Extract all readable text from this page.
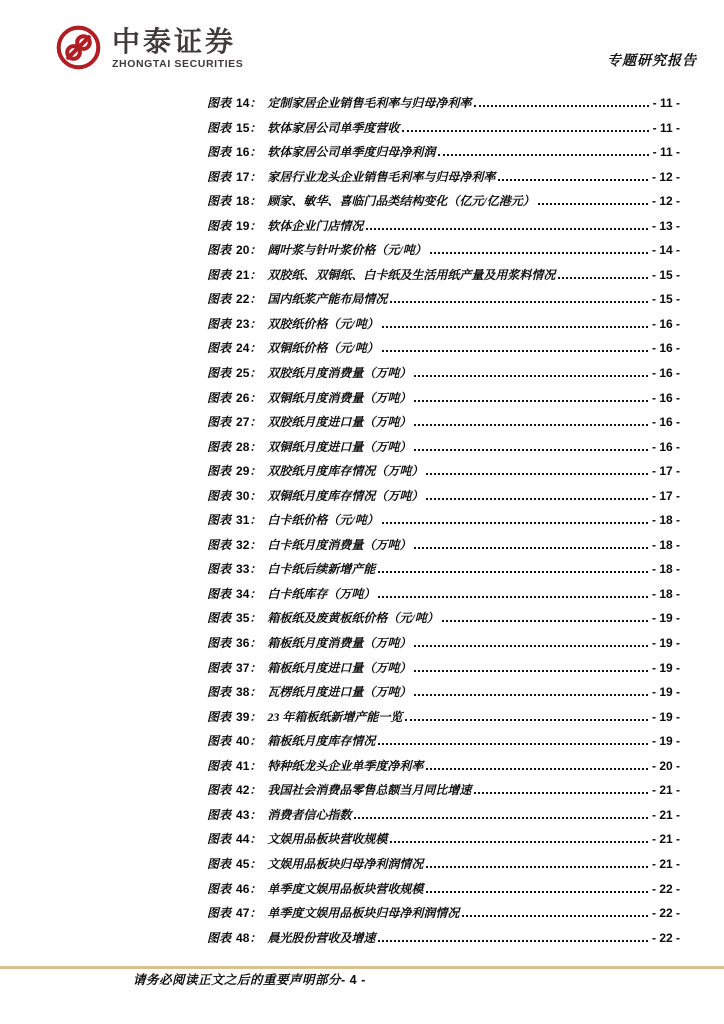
中泰证券
ZHONGTAI SECURITIES	专题研究报告
图表 14 ： 定制家居企业销售毛利率与归母净利率	- 11 -
图表 15 ： 软体家居公司单季度营收	- 11 -
图表 16 ： 软体家居公司单季度归母净利润	- 11 -
图表 17 ： 家居行业龙头企业销售毛利率与归母净利率	- 12 -
图表 18 ： 顾家、敏华、喜临门品类结构变化（亿元/亿港元）	- 12 -
图表 19 ： 软体企业门店情况	- 13 -
图表 20 ： 阔叶浆与针叶浆价格（元/吨）	- 14 -
图表 21 ： 双胶纸、双铜纸、白卡纸及生活用纸产量及用浆料情况	- 15 -
图表 22 ： 国内纸浆产能布局情况	- 15 -
图表 23 ： 双胶纸价格（元/吨）	- 16 -
图表 24 ： 双铜纸价格（元/吨）	- 16 -
图表 25 ： 双胶纸月度消费量（万吨）	- 16 -
图表 26 ： 双铜纸月度消费量（万吨）	- 16 -
图表 27 ： 双胶纸月度进口量（万吨）	- 16 -
图表 28 ： 双铜纸月度进口量（万吨）	- 16 -
图表 29 ： 双胶纸月度库存情况（万吨）	- 17 -
图表 30 ： 双铜纸月度库存情况（万吨）	- 17 -
图表 31 ： 白卡纸价格（元/吨）	- 18 -
图表 32 ： 白卡纸月度消费量（万吨）	- 18 -
图表 33 ： 白卡纸后续新增产能	- 18 -
图表 34 ： 白卡纸库存（万吨）	- 18 -
图表 35 ： 箱板纸及废黄板纸价格（元/吨）	- 19 -
图表 36 ： 箱板纸月度消费量（万吨）	- 19 -
图表 37 ： 箱板纸月度进口量（万吨）	- 19 -
图表 38 ： 瓦楞纸月度进口量（万吨）	- 19 -
图表 39 ： 23 年箱板纸新增产能一览	- 19 -
图表 40 ： 箱板纸月度库存情况	- 19 -
图表 41 ： 特种纸龙头企业单季度净利率	- 20 -
图表 42 ： 我国社会消费品零售总额当月同比增速	- 21 -
图表 43 ： 消费者信心指数	- 21 -
图表 44 ： 文娱用品板块营收规模	- 21 -
图表 45 ： 文娱用品板块归母净利润情况	- 21 -
图表 46 ： 单季度文娱用品板块营收规模	- 22 -
图表 47 ： 单季度文娱用品板块归母净利润情况	- 22 -
图表 48 ： 晨光股份营收及增速	- 22 -
请务必阅读正文之后的重要声明部分- 4 -
